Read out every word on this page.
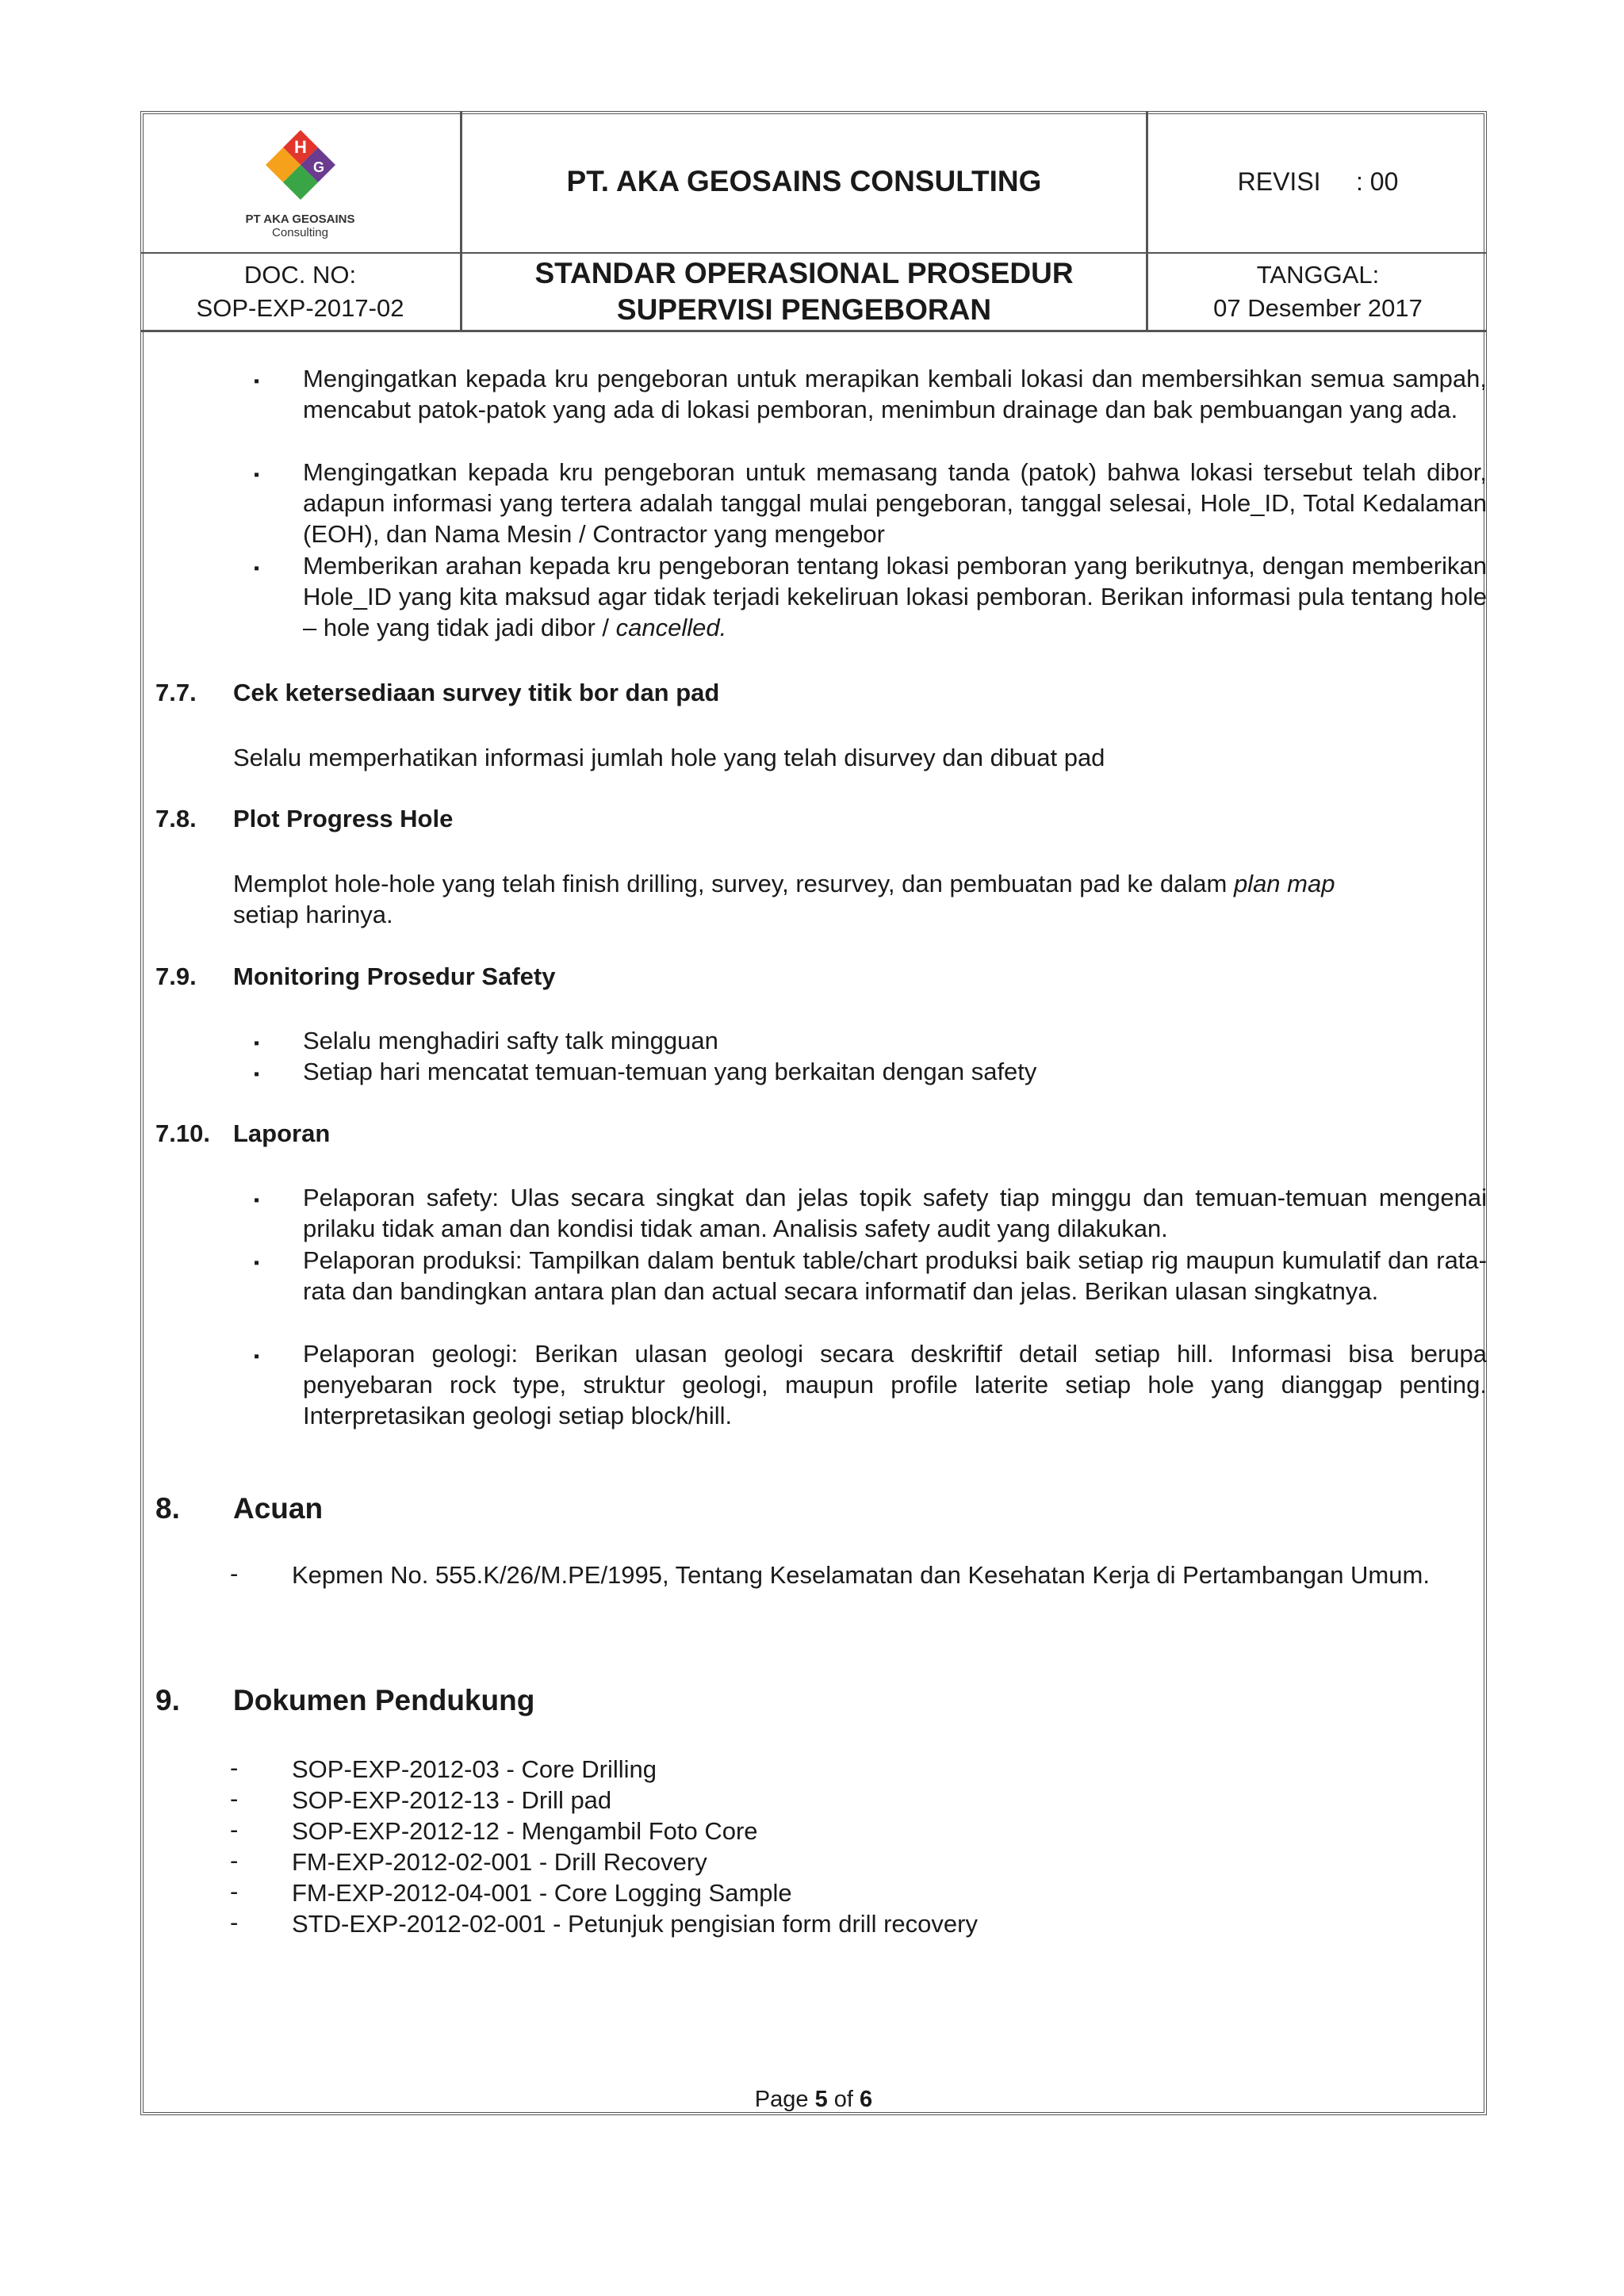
H
G
PT AKA GEOSAINS
Consulting
PT. AKA GEOSAINS CONSULTING	REVISI     : 00
DOC. NO:
SOP-EXP-2017-02
STANDAR OPERASIONAL PROSEDUR
SUPERVISI PENGEBORAN
TANGGAL:
07 Desember 2017
▪ Mengingatkan kepada kru pengeboran untuk merapikan kembali lokasi dan membersihkan semua sampah, mencabut patok-patok yang ada di lokasi pemboran, menimbun drainage dan bak pembuangan yang ada.

▪ Mengingatkan kepada kru pengeboran untuk memasang tanda (patok) bahwa lokasi tersebut telah dibor, adapun informasi yang tertera adalah tanggal mulai pengeboran, tanggal selesai, Hole_ID, Total Kedalaman (EOH), dan Nama Mesin / Contractor yang mengebor

▪ Memberikan arahan kepada kru pengeboran tentang lokasi pemboran yang berikutnya, dengan memberikan Hole_ID yang kita maksud agar tidak terjadi kekeliruan lokasi pemboran. Berikan informasi pula tentang hole – hole yang tidak jadi dibor / cancelled.

7.7. Cek ketersediaan survey titik bor dan pad

Selalu memperhatikan informasi jumlah hole yang telah disurvey dan dibuat pad

7.8. Plot Progress Hole

Memplot hole-hole yang telah finish drilling, survey, resurvey, dan pembuatan pad ke dalam plan map

setiap harinya.

7.9. Monitoring Prosedur Safety
▪ Selalu menghadiri safty talk mingguan

▪ Setiap hari mencatat temuan-temuan yang berkaitan dengan safety

7.10. Laporan
▪ Pelaporan safety: Ulas secara singkat dan jelas topik safety tiap minggu dan temuan-temuan mengenai prilaku tidak aman dan kondisi tidak aman. Analisis safety audit yang dilakukan.

▪ Pelaporan produksi: Tampilkan dalam bentuk table/chart produksi baik setiap rig maupun kumulatif dan rata-rata dan bandingkan antara plan dan actual secara informatif dan jelas. Berikan ulasan singkatnya.

▪ Pelaporan geologi: Berikan ulasan geologi secara deskriftif detail setiap hill. Informasi bisa berupa penyebaran rock type, struktur geologi, maupun profile laterite setiap hole yang dianggap penting. Interpretasikan geologi setiap block/hill.

8. Acuan
- Kepmen No. 555.K/26/M.PE/1995, Tentang Keselamatan dan Kesehatan Kerja di Pertambangan Umum.

9. Dokumen Pendukung
- SOP-EXP-2012-03 - Core Drilling

- SOP-EXP-2012-13 - Drill pad

- SOP-EXP-2012-12 - Mengambil Foto Core

- FM-EXP-2012-02-001 - Drill Recovery

- FM-EXP-2012-04-001 - Core Logging Sample

- STD-EXP-2012-02-001 - Petunjuk pengisian form drill recovery

Page 5 of 6
